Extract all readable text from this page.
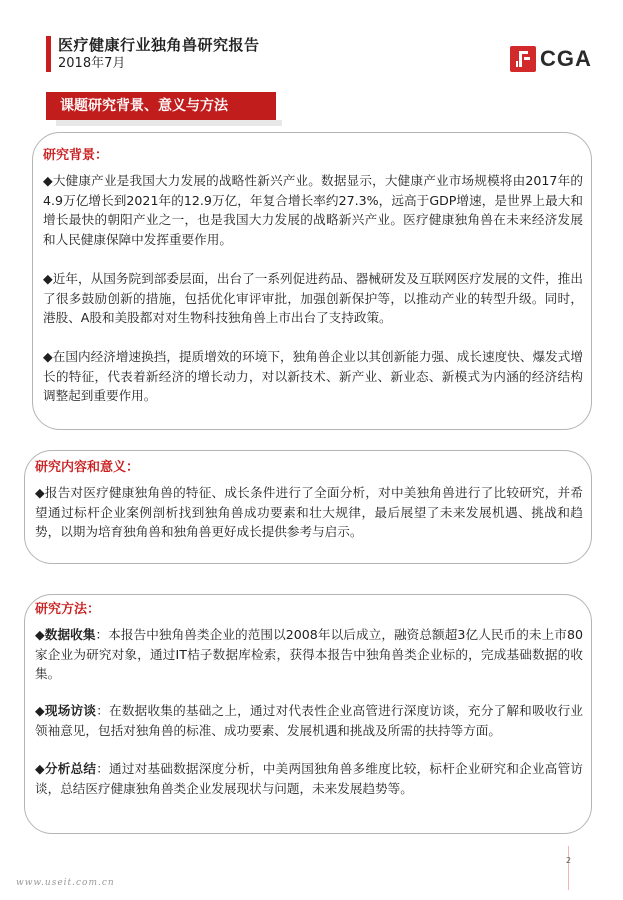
医疗健康行业独角兽研究报告
2018年7月	CGA
课题研究背景、意义与方法
研究背景：
◆大健康产业是我国大力发展的战略性新兴产业。数据显示，大健康产业市场规模将由2017年的4.9万亿增长到2021年的12.9万亿，年复合增长率约27.3%，远高于GDP增速，是世界上最大和增长最快的朝阳产业之一，也是我国大力发展的战略新兴产业。医疗健康独角兽在未来经济发展和人民健康保障中发挥重要作用。
◆近年，从国务院到部委层面，出台了一系列促进药品、器械研发及互联网医疗发展的文件，推出了很多鼓励创新的措施，包括优化审评审批，加强创新保护等，以推动产业的转型升级。同时，港股、A股和美股都对对生物科技独角兽上市出台了支持政策。
◆在国内经济增速换挡，提质增效的环境下，独角兽企业以其创新能力强、成长速度快、爆发式增长的特征，代表着新经济的增长动力，对以新技术、新产业、新业态、新模式为内涵的经济结构调整起到重要作用。
研究内容和意义：
◆报告对医疗健康独角兽的特征、成长条件进行了全面分析，对中美独角兽进行了比较研究，并希望通过标杆企业案例剖析找到独角兽成功要素和壮大规律，最后展望了未来发展机遇、挑战和趋势，以期为培育独角兽和独角兽更好成长提供参考与启示。
研究方法：
◆数据收集：本报告中独角兽类企业的范围以2008年以后成立，融资总额超3亿人民币的未上市80家企业为研究对象，通过IT桔子数据库检索，获得本报告中独角兽类企业标的，完成基础数据的收集。
◆现场访谈：在数据收集的基础之上，通过对代表性企业高管进行深度访谈，充分了解和吸收行业领袖意见，包括对独角兽的标准、成功要素、发展机遇和挑战及所需的扶持等方面。
◆分析总结：通过对基础数据深度分析，中美两国独角兽多维度比较，标杆企业研究和企业高管访谈，总结医疗健康独角兽类企业发展现状与问题，未来发展趋势等。
2
www.useit.com.cn
